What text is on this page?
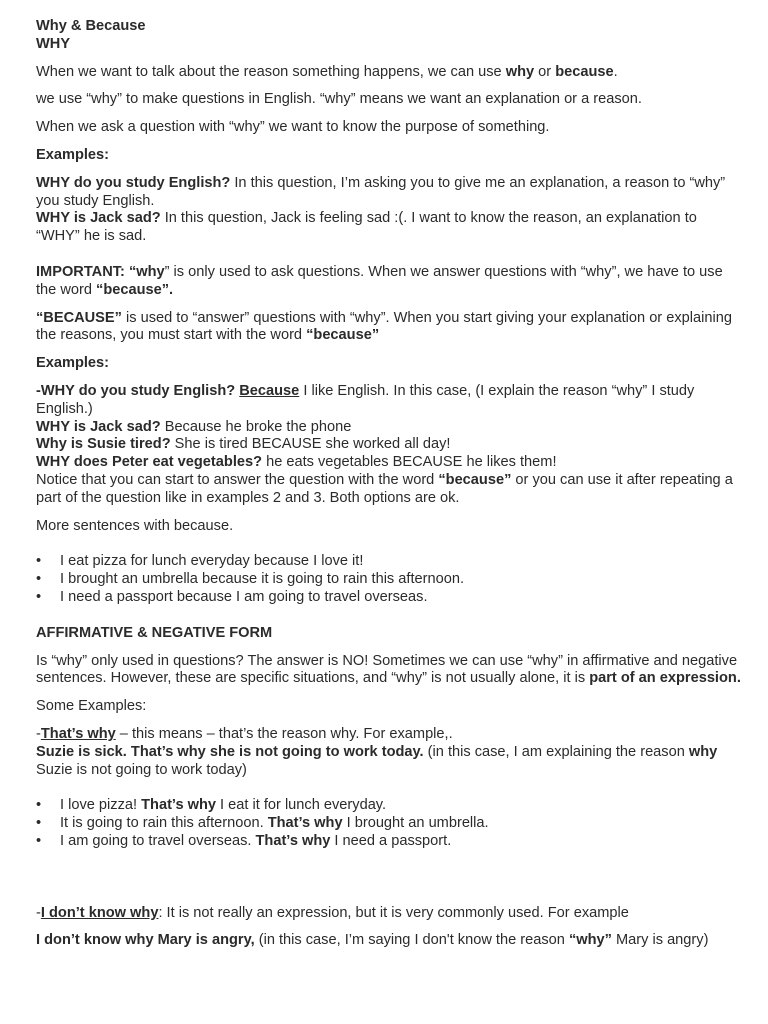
Why & Because

WHY

When we want to talk about the reason something happens, we can use why or because.

we use “why” to make questions in English. “why” means we want an explanation or a reason.

When we ask a question with “why” we want to know the purpose of something.

Examples:

WHY do you study English? In this question, I’m asking you to give me an explanation, a reason to “why” you study English.

WHY is Jack sad? In this question, Jack is feeling sad :(. I want to know the reason, an explanation to “WHY” he is sad.

IMPORTANT: “why” is only used to ask questions. When we answer questions with “why”, we have to use the word “because”.

“BECAUSE” is used to “answer” questions with “why”. When you start giving your explanation or explaining the reasons, you must start with the word “because”

Examples:

-WHY do you study English? Because I like English. In this case, (I explain the reason “why” I study English.)

WHY is Jack sad? Because he broke the phone

Why is Susie tired? She is tired BECAUSE she worked all day!

WHY does Peter eat vegetables? he eats vegetables BECAUSE he likes them!

Notice that you can start to answer the question with the word “because” or you can use it after repeating a part of the question like in examples 2 and 3. Both options are ok.

More sentences with because.

• I eat pizza for lunch everyday because I love it!
• I brought an umbrella because it is going to rain this afternoon.
• I need a passport because I am going to travel overseas.

AFFIRMATIVE & NEGATIVE FORM

Is “why” only used in questions? The answer is NO! Sometimes we can use “why” in affirmative and negative sentences. However, these are specific situations, and “why” is not usually alone, it is part of an expression.

Some Examples:

-That’s why – this means – that’s the reason why. For example,.

Suzie is sick. That’s why she is not going to work today. (in this case, I am explaining the reason why Suzie is not going to work today)

• I love pizza! That’s why I eat it for lunch everyday.
• It is going to rain this afternoon. That’s why I brought an umbrella.
• I am going to travel overseas. That’s why I need a passport.

-I don’t know why: It is not really an expression, but it is very commonly used. For example

I don’t know why Mary is angry, (in this case, I’m saying I don't know the reason “why” Mary is angry)
